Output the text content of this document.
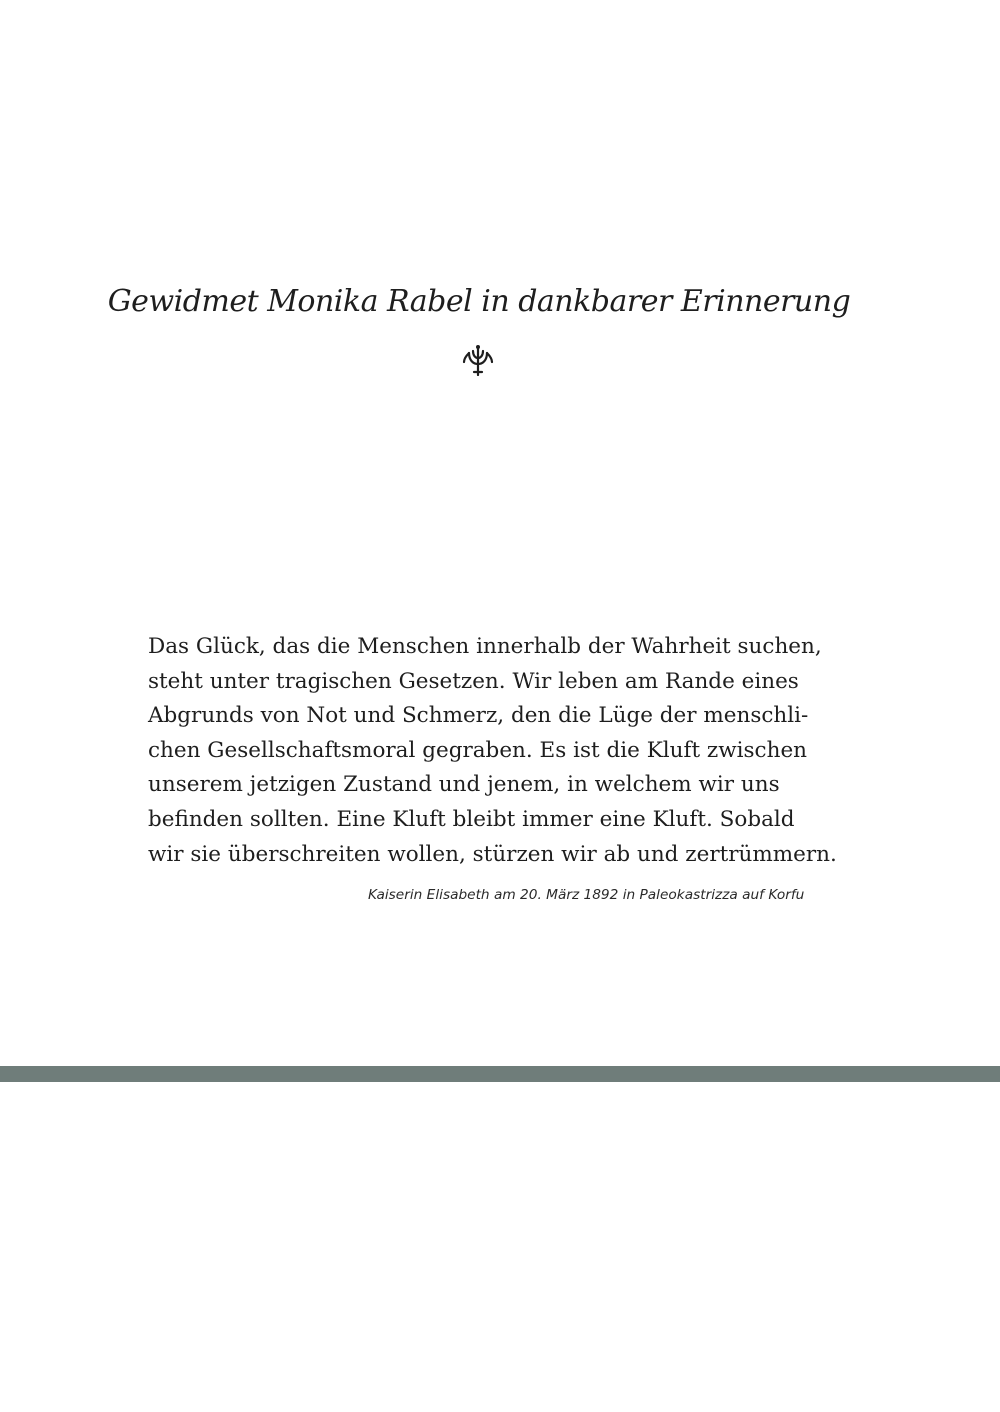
Gewidmet Monika Rabel in dankbarer Erinnerung

Das Glück, das die Menschen innerhalb der Wahrheit suchen,
steht unter tragischen Gesetzen. Wir leben am Rande eines
Abgrunds von Not und Schmerz, den die Lüge der menschli-
chen Gesellschaftsmoral gegraben. Es ist die Kluft zwischen
unserem jetzigen Zustand und jenem, in welchem wir uns
befinden sollten. Eine Kluft bleibt immer eine Kluft. Sobald
wir sie überschreiten wollen, stürzen wir ab und zertrümmern.

Kaiserin Elisabeth am 20. März 1892 in Paleokastrizza auf Korfu
